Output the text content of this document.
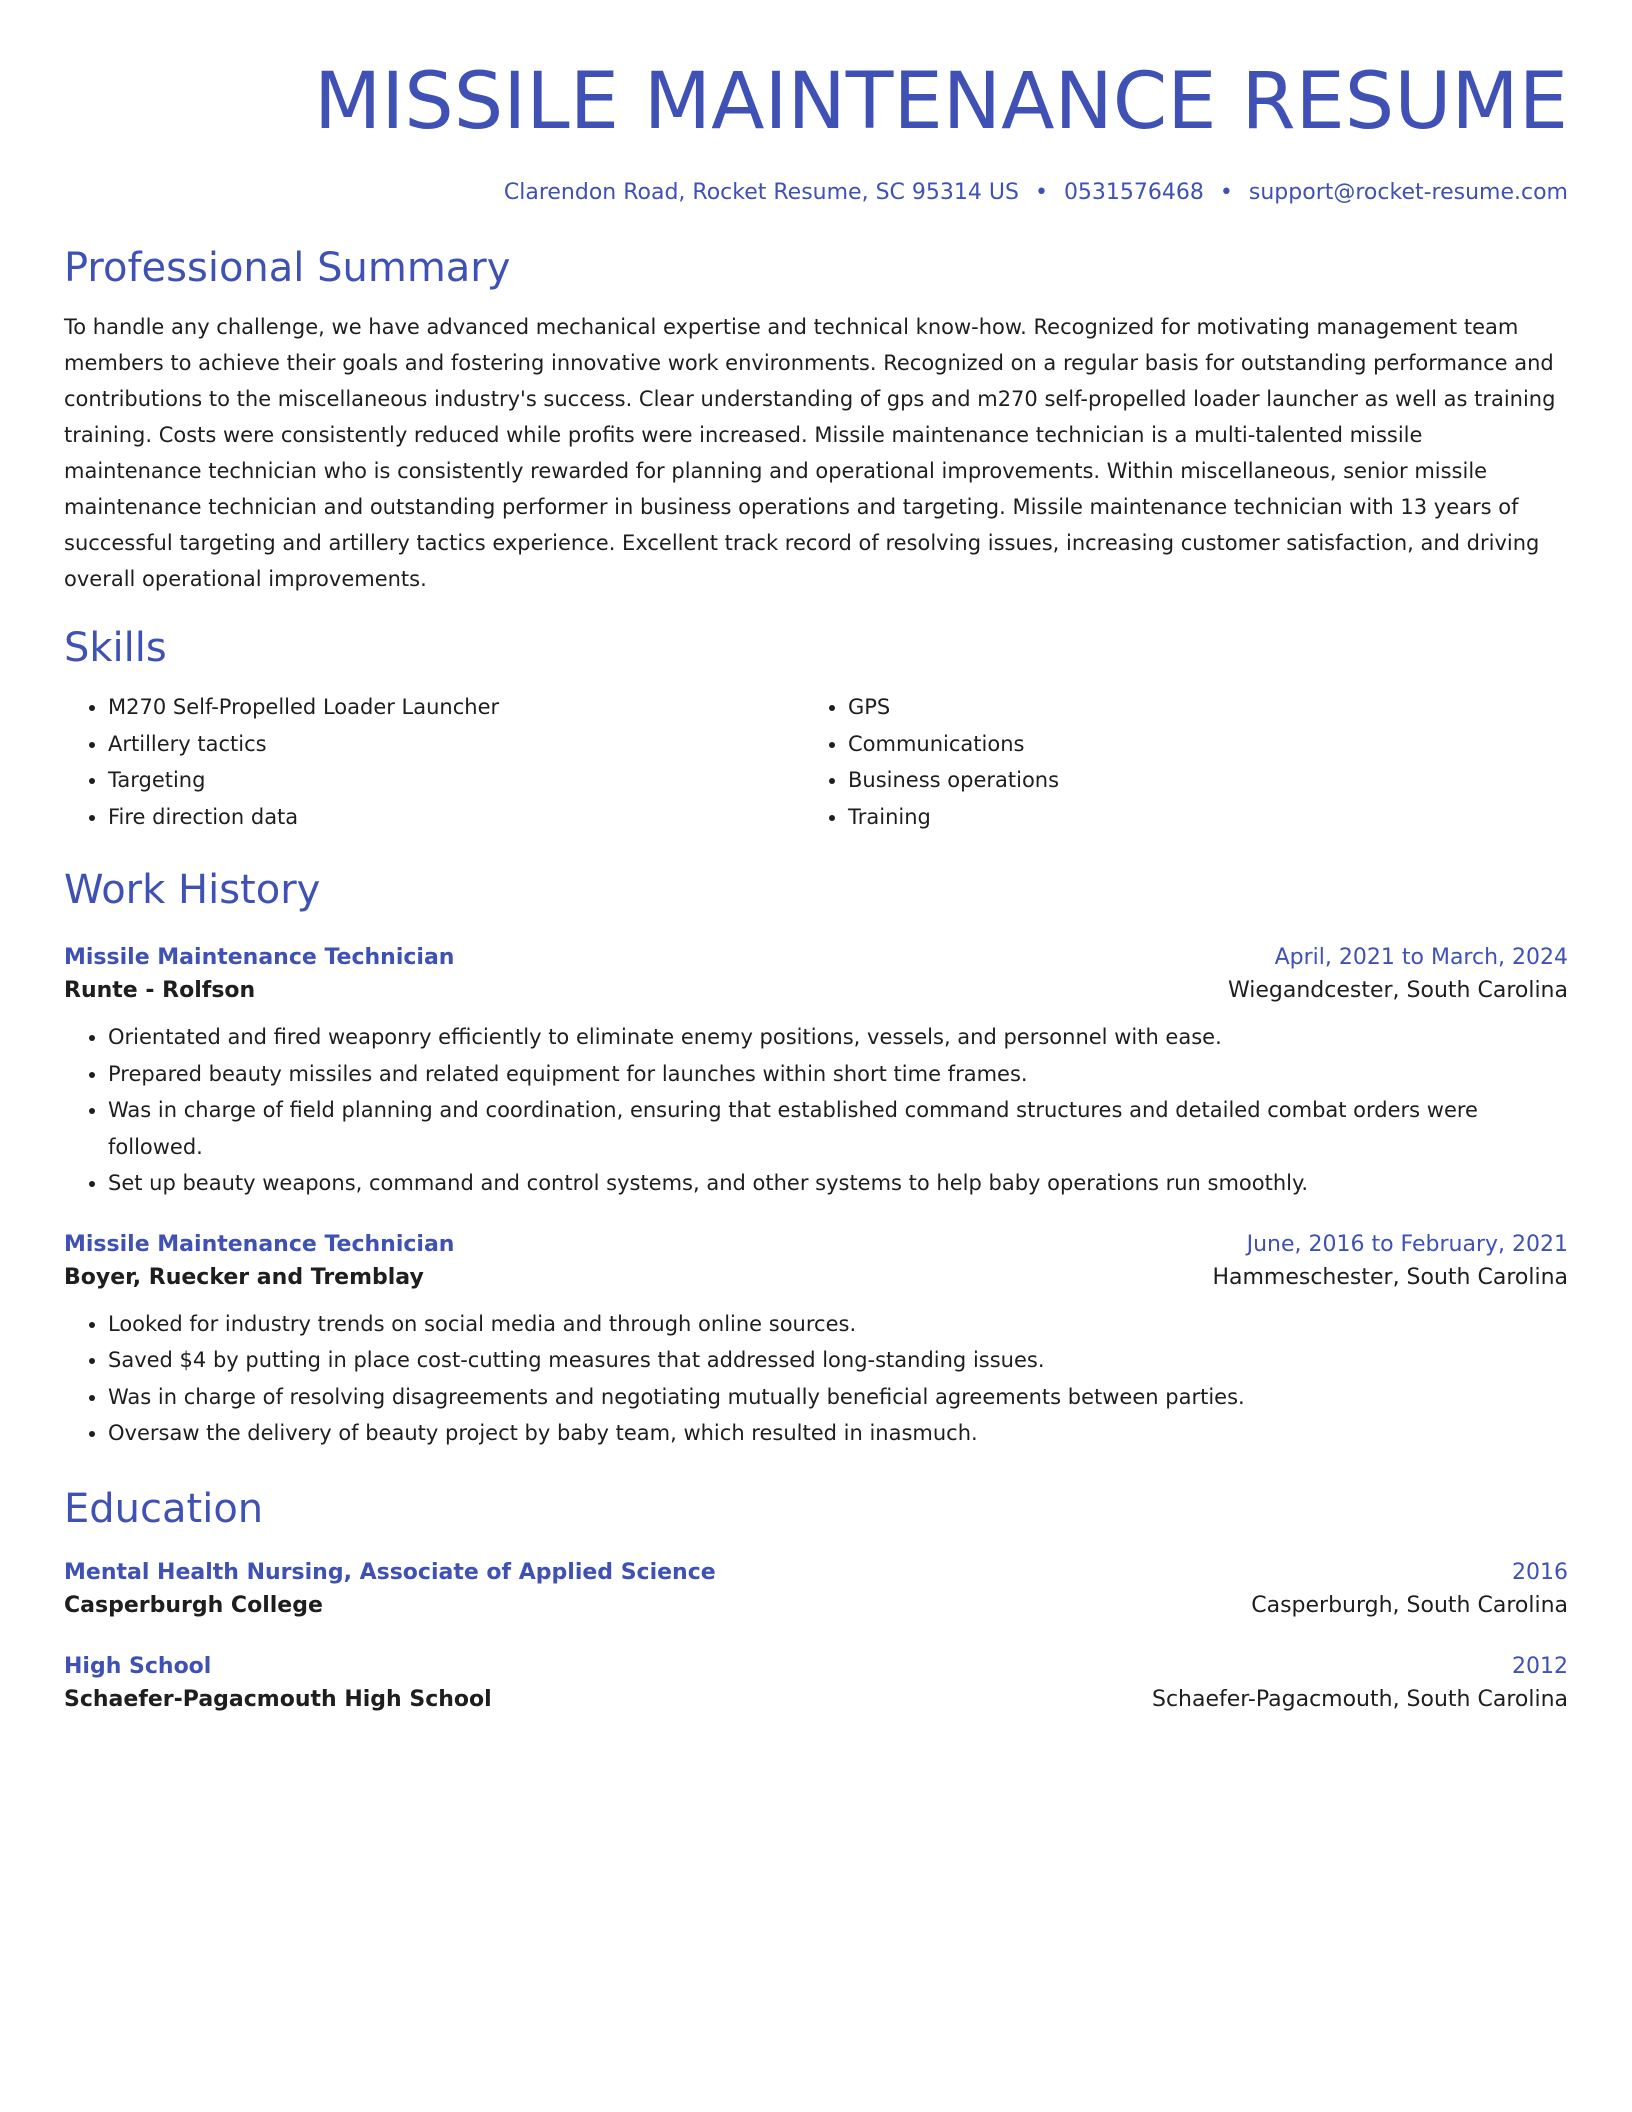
MISSILE MAINTENANCE RESUME
Clarendon Road, Rocket Resume, SC 95314 US • 0531576468 • support@rocket-resume.com
Professional Summary
To handle any challenge, we have advanced mechanical expertise and technical know-how. Recognized for motivating management team
members to achieve their goals and fostering innovative work environments. Recognized on a regular basis for outstanding performance and
contributions to the miscellaneous industry's success. Clear understanding of gps and m270 self-propelled loader launcher as well as training
training. Costs were consistently reduced while profits were increased. Missile maintenance technician is a multi-talented missile
maintenance technician who is consistently rewarded for planning and operational improvements. Within miscellaneous, senior missile
maintenance technician and outstanding performer in business operations and targeting. Missile maintenance technician with 13 years of
successful targeting and artillery tactics experience. Excellent track record of resolving issues, increasing customer satisfaction, and driving
overall operational improvements.
Skills
• M270 Self-Propelled Loader Launcher
• Artillery tactics
• Targeting
• Fire direction data
• GPS
• Communications
• Business operations
• Training
Work History
Missile Maintenance Technician	April, 2021 to March, 2024
Runte - Rolfson	Wiegandcester, South Carolina
• Orientated and fired weaponry efficiently to eliminate enemy positions, vessels, and personnel with ease.
• Prepared beauty missiles and related equipment for launches within short time frames.
• Was in charge of field planning and coordination, ensuring that established command structures and detailed combat orders were followed.
• Set up beauty weapons, command and control systems, and other systems to help baby operations run smoothly.
Missile Maintenance Technician	June, 2016 to February, 2021
Boyer, Ruecker and Tremblay	Hammeschester, South Carolina
• Looked for industry trends on social media and through online sources.
• Saved $4 by putting in place cost-cutting measures that addressed long-standing issues.
• Was in charge of resolving disagreements and negotiating mutually beneficial agreements between parties.
• Oversaw the delivery of beauty project by baby team, which resulted in inasmuch.
Education
Mental Health Nursing, Associate of Applied Science	2016
Casperburgh College	Casperburgh, South Carolina
High School	2012
Schaefer-Pagacmouth High School	Schaefer-Pagacmouth, South Carolina
